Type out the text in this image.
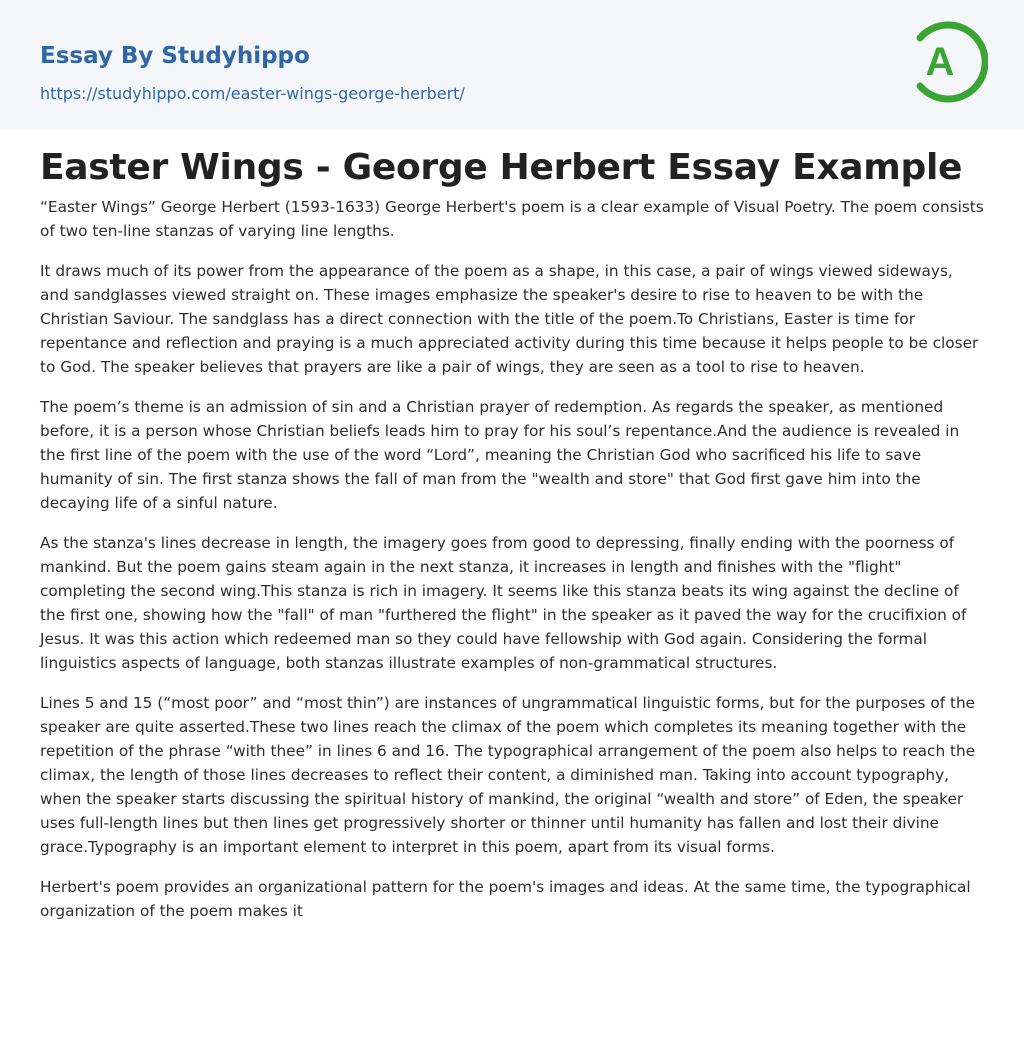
Essay By Studyhippo
https://studyhippo.com/easter-wings-george-herbert/
A
Easter Wings - George Herbert Essay Example

“Easter Wings” George Herbert (1593-1633) George Herbert's poem is a clear example of Visual Poetry. The poem consists of two ten-line stanzas of varying line lengths.

It draws much of its power from the appearance of the poem as a shape, in this case, a pair of wings viewed sideways, and sandglasses viewed straight on. These images emphasize the speaker's desire to rise to heaven to be with the Christian Saviour. The sandglass has a direct connection with the title of the poem.To Christians, Easter is time for repentance and reflection and praying is a much appreciated activity during this time because it helps people to be closer to God. The speaker believes that prayers are like a pair of wings, they are seen as a tool to rise to heaven.

The poem’s theme is an admission of sin and a Christian prayer of redemption. As regards the speaker, as mentioned before, it is a person whose Christian beliefs leads him to pray for his soul’s repentance.And the audience is revealed in the first line of the poem with the use of the word “Lord”, meaning the Christian God who sacrificed his life to save humanity of sin. The first stanza shows the fall of man from the "wealth and store" that God first gave him into the decaying life of a sinful nature.

As the stanza's lines decrease in length, the imagery goes from good to depressing, finally ending with the poorness of mankind. But the poem gains steam again in the next stanza, it increases in length and finishes with the "flight" completing the second wing.This stanza is rich in imagery. It seems like this stanza beats its wing against the decline of the first one, showing how the "fall" of man "furthered the flight" in the speaker as it paved the way for the crucifixion of Jesus. It was this action which redeemed man so they could have fellowship with God again. Considering the formal linguistics aspects of language, both stanzas illustrate examples of non-grammatical structures.

Lines 5 and 15 (“most poor” and “most thin”) are instances of ungrammatical linguistic forms, but for the purposes of the speaker are quite asserted.These two lines reach the climax of the poem which completes its meaning together with the repetition of the phrase “with thee” in lines 6 and 16. The typographical arrangement of the poem also helps to reach the climax, the length of those lines decreases to reflect their content, a diminished man. Taking into account typography, when the speaker starts discussing the spiritual history of mankind, the original “wealth and store” of Eden, the speaker uses full-length lines but then lines get progressively shorter or thinner until humanity has fallen and lost their divine grace.Typography is an important element to interpret in this poem, apart from its visual forms.

Herbert's poem provides an organizational pattern for the poem's images and ideas. At the same time, the typographical organization of the poem makes it
